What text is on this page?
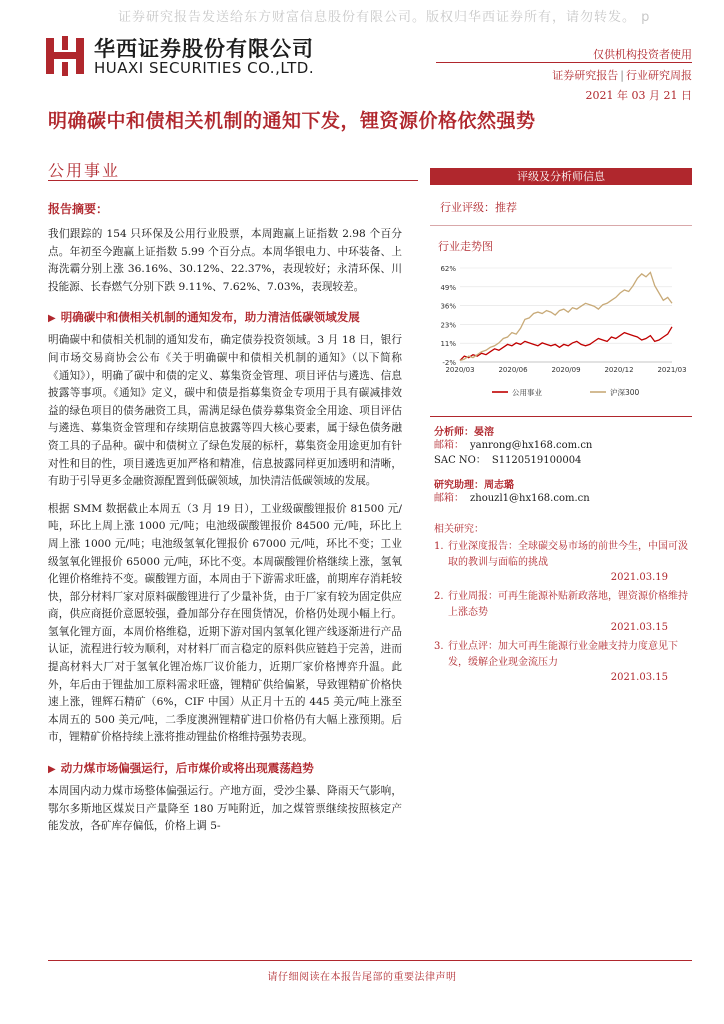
证券研究报告发送给东方财富信息股份有限公司。版权归华西证券所有，请勿转发。 p
华西证券股份有限公司
HUAXI SECURITIES CO.,LTD.
仅供机构投资者使用
证券研究报告 | 行业研究周报
2021 年 03 月 21 日
明确碳中和债相关机制的通知下发，锂资源价格依然强势
公用事业
报告摘要：

我们跟踪的 154 只环保及公用行业股票，本周跑赢上证指数 2.98 个百分点。年初至今跑赢上证指数 5.99 个百分点。本周华银电力、中环装备、上海洗霸分别上涨 36.16%、30.12%、22.37%，表现较好；永清环保、川投能源、长春燃气分别下跌 9.11%、7.62%、7.03%，表现较差。

▶ 明确碳中和债相关机制的通知发布，助力清洁低碳领域发展

明确碳中和债相关机制的通知发布，确定债券投资领域。3 月 18 日，银行间市场交易商协会公布《关于明确碳中和债相关机制的通知》（以下简称《通知》），明确了碳中和债的定义、募集资金管理、项目评估与遴选、信息披露等事项。《通知》定义，碳中和债是指募集资金专项用于具有碳减排效益的绿色项目的债务融资工具，需满足绿色债券募集资金全用途、项目评估与遴选、募集资金管理和存续期信息披露等四大核心要素，属于绿色债务融资工具的子品种。碳中和债树立了绿色发展的标杆，募集资金用途更加有针对性和目的性，项目遴选更加严格和精准，信息披露同样更加透明和清晰，有助于引导更多金融资源配置到低碳领域，加快清洁低碳领域的发展。

根据 SMM 数据截止本周五（3 月 19 日），工业级碳酸锂报价 81500 元/吨，环比上周上涨 1000 元/吨；电池级碳酸锂报价 84500 元/吨，环比上周上涨 1000 元/吨；电池级氢氧化锂报价 67000 元/吨，环比不变；工业级氢氧化锂报价 65000 元/吨，环比不变。本周碳酸锂价格继续上涨，氢氧化锂价格维持不变。碳酸锂方面，本周由于下游需求旺盛，前期库存消耗较快，部分材料厂家对原料碳酸锂进行了少量补货，由于厂家有较为固定供应商，供应商挺价意愿较强，叠加部分存在囤货情况，价格仍处现小幅上行。氢氧化锂方面，本周价格维稳，近期下游对国内氢氧化锂产线逐渐进行产品认证，流程进行较为顺利，对材料厂而言稳定的原料供应链趋于完善，进而提高材料大厂对于氢氧化锂冶炼厂议价能力，近期厂家价格博弈升温。此外，年后由于锂盐加工原料需求旺盛，锂精矿供给偏紧，导致锂精矿价格快速上涨，锂辉石精矿（6%，CIF 中国）从正月十五的 445 美元/吨上涨至本周五的 500 美元/吨，二季度澳洲锂精矿进口价格仍有大幅上涨预期。后市，锂精矿价格持续上涨将推动锂盐价格维持强势表现。

▶ 动力煤市场偏强运行，后市煤价或将出现震荡趋势

本周国内动力煤市场整体偏强运行。产地方面，受沙尘暴、降雨天气影响，鄂尔多斯地区煤炭日产量降至 180 万吨附近，加之煤管票继续按照核定产能发放，各矿库存偏低，价格上调 5-

评级及分析师信息
行业评级：推荐
行业走势图
62%
49%
36%
23%
11%
-2%
2020/03	2020/06	2020/09	2020/12	2021/03
公用事业	沪深300
分析师：晏溶
邮箱： yanrong@hx168.com.cn
SAC NO： S1120519100004
研究助理：周志璐
邮箱： zhouzl1@hx168.com.cn
相关研究：
1. 行业深度报告：全球碳交易市场的前世今生，中国可汲取的教训与面临的挑战
2021.03.19
2. 行业周报：可再生能源补贴新政落地，锂资源价格维持上涨态势
2021.03.15
3. 行业点评：加大可再生能源行业金融支持力度意见下发，缓解企业现金流压力
2021.03.15
请仔细阅读在本报告尾部的重要法律声明
